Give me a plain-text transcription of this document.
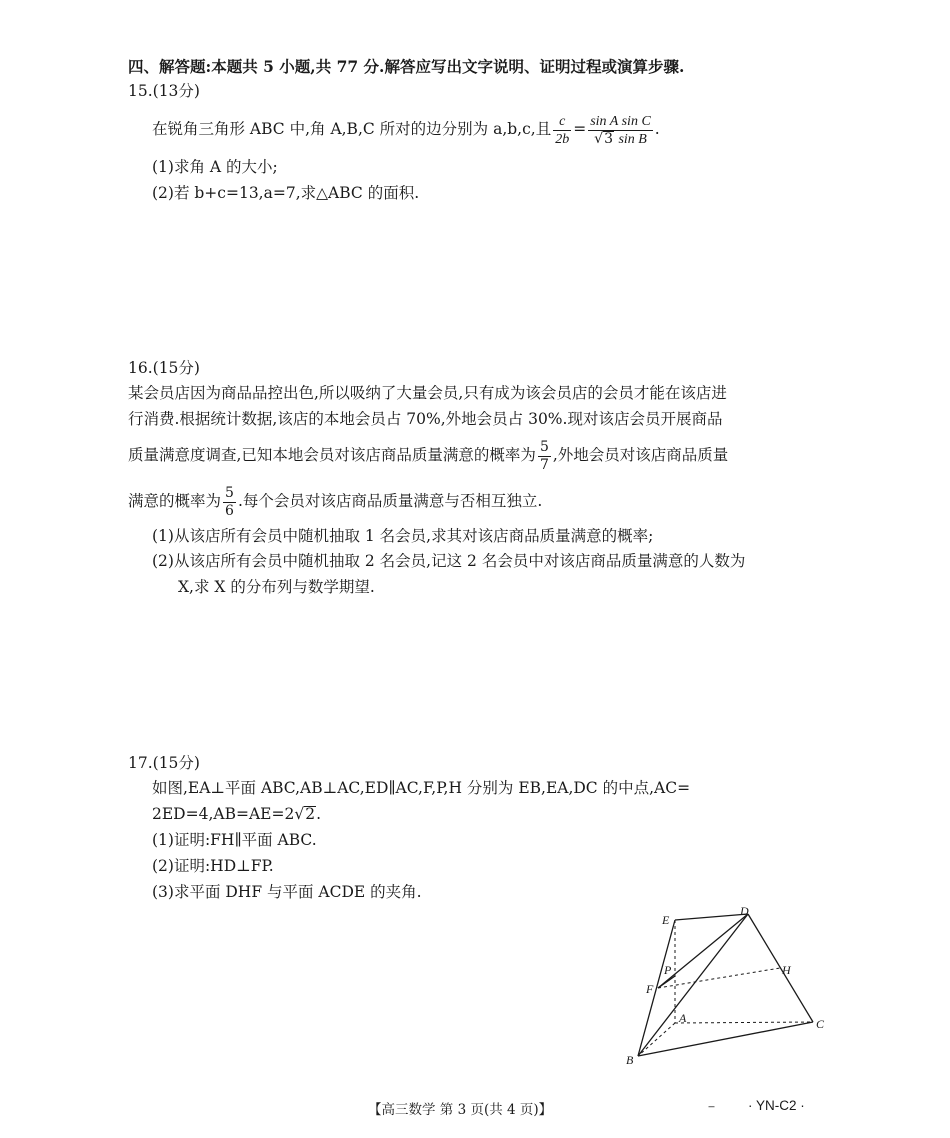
四、解答题:本题共 5 小题,共 77 分.解答应写出文字说明、证明过程或演算步骤.
15.(13分)
在锐角三角形 ABC 中,角 A,B,C 所对的边分别为 a,b,c,且 $\frac{c}{2b} = \frac{\text{sin A sin C}}{\text{√3 sin B}}$ .
(1)求角 A 的大小;
(2)若 b+c=13,a=7,求△ABC 的面积.
16.(15分)
某会员店因为商品品控出色,所以吸纳了大量会员,只有成为该会员店的会员才能在该店进
行消费.根据统计数据,该店的本地会员占 70%,外地会员占 30%.现对该店会员开展商品
质量满意度调查,已知本地会员对该店商品质量满意的概率为 $\frac{5}{7}$ ,外地会员对该店商品质量
满意的概率为 $\frac{5}{6}$ .每个会员对该店商品质量满意与否相互独立.
(1)从该店所有会员中随机抽取 1 名会员,求其对该店商品质量满意的概率;
(2)从该店所有会员中随机抽取 2 名会员,记这 2 名会员中对该店商品质量满意的人数为
X,求 X 的分布列与数学期望.
17.(15分)
如图,EA⊥平面 ABC,AB⊥AC,ED∥AC,F,P,H 分别为 EB,EA,DC 的中点,AC=
2ED=4,AB=AE=2√2.
(1)证明:FH∥平面 ABC.
(2)证明:HD⊥FP.
(3)求平面 DHF 与平面 ACDE 的夹角.
E
D
P	H
F
A	C
B
【高三数学 第 3 页(共 4 页)】	‒ · YN-C2 ·
